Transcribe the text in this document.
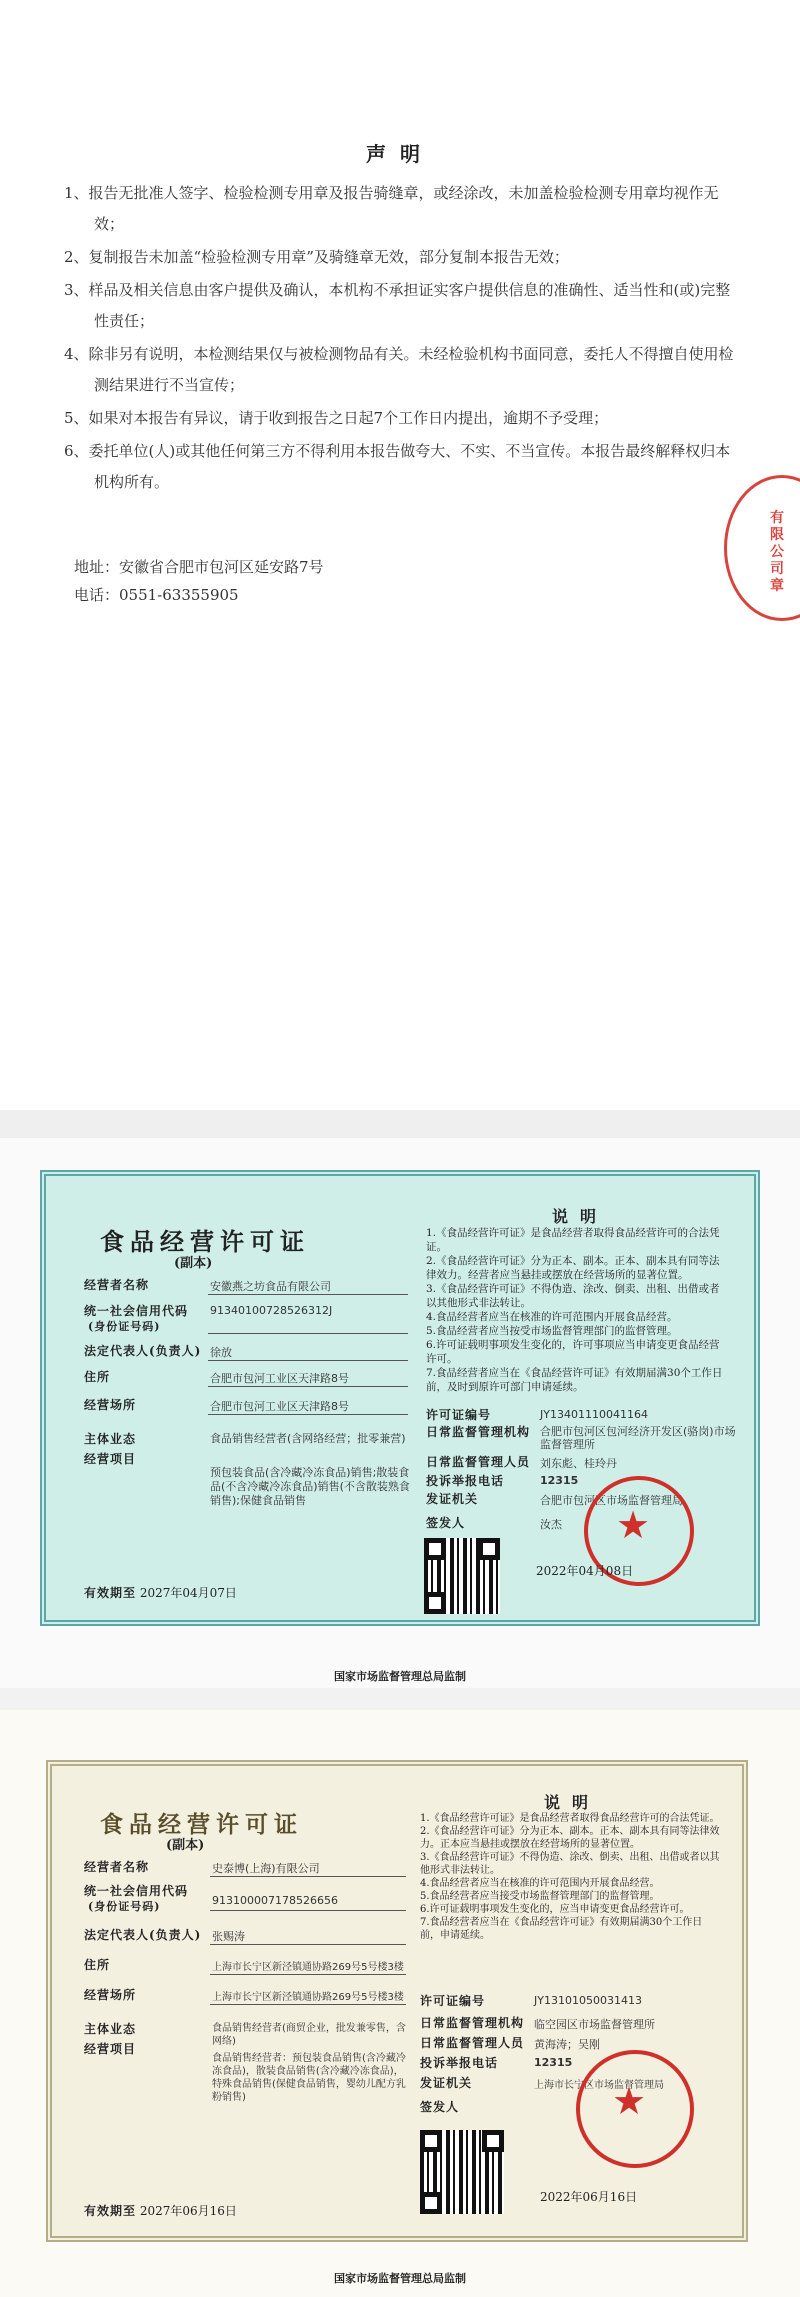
声明
1、报告无批准人签字、检验检测专用章及报告骑缝章，或经涂改，未加盖检验检测专用章均视作无效；
2、复制报告未加盖“检验检测专用章”及骑缝章无效，部分复制本报告无效；
3、样品及相关信息由客户提供及确认，本机构不承担证实客户提供信息的准确性、适当性和(或)完整性责任；
4、除非另有说明，本检测结果仅与被检测物品有关。未经检验机构书面同意，委托人不得擅自使用检测结果进行不当宣传；
5、如果对本报告有异议，请于收到报告之日起7个工作日内提出，逾期不予受理；
6、委托单位(人)或其他任何第三方不得利用本报告做夸大、不实、不当宣传。本报告最终解释权归本机构所有。
地址：安徽省合肥市包河区延安路7号
电话：0551-63355905
有限公司章
食品经营许可证
(副本)
经营者名称	安徽燕之坊食品有限公司
统一社会信用代码 91340100728526312J
(身份证号码)
法定代表人(负责人) 徐放
住所	合肥市包河工业区天津路8号
经营场所	合肥市包河工业区天津路8号
主体业态	食品销售经营者(含网络经营；批零兼营)
经营项目
预包装食品(含冷藏冷冻食品)销售;散装食品(不含冷藏冷冻食品)销售(不含散装熟食销售);保健食品销售
有效期至 2027年04月07日
说明
1.《食品经营许可证》是食品经营者取得食品经营许可的合法凭证。
2.《食品经营许可证》分为正本、副本。正本、副本具有同等法律效力。经营者应当悬挂或摆放在经营场所的显著位置。
3.《食品经营许可证》不得伪造、涂改、倒卖、出租、出借或者以其他形式非法转让。
4.食品经营者应当在核准的许可范围内开展食品经营。
5.食品经营者应当按受市场监督管理部门的监督管理。
6.许可证载明事项发生变化的，许可事项应当申请变更食品经营许可。
7.食品经营者应当在《食品经营许可证》有效期届满30个工作日前，及时到原许可部门申请延续。
许可证编号	JY13401110041164
日常监督管理机构 合肥市包河区包河经济开发区(骆岗)市场监督管理所
日常监督管理人员 刘东彪、桂玲丹
投诉举报电话	12315
发证机关	合肥市包河区市场监督管理局
签发人	汝杰 ★
2022年04月08日
国家市场监督管理总局监制
食品经营许可证
(副本)
经营者名称	史泰博(上海)有限公司
统一社会信用代码
913100007178526656
(身份证号码)
法定代表人(负责人) 张赐涛
住所	上海市长宁区新泾镇通协路269号5号楼3楼
经营场所	上海市长宁区新泾镇通协路269号5号楼3楼
主体业态	食品销售经营者(商贸企业，批发兼零售，含网络)
经营项目
食品销售经营者：预包装食品销售(含冷藏冷冻食品)，散装食品销售(含冷藏冷冻食品)，特殊食品销售(保健食品销售，婴幼儿配方乳粉销售)
有效期至 2027年06月16日
说明
1.《食品经营许可证》是食品经营者取得食品经营许可的合法凭证。
2.《食品经营许可证》分为正本、副本。正本、副本具有同等法律效力。正本应当悬挂或摆放在经营场所的显著位置。
3.《食品经营许可证》不得伪造、涂改、倒卖、出租、出借或者以其他形式非法转让。
4.食品经营者应当在核准的许可范围内开展食品经营。
5.食品经营者应当接受市场监督管理部门的监督管理。
6.许可证载明事项发生变化的，应当申请变更食品经营许可。
7.食品经营者应当在《食品经营许可证》有效期届满30个工作日前，申请延续。
许可证编号	JY13101050031413
日常监督管理机构 临空园区市场监督管理所
日常监督管理人员 黄海涛；吴刚
投诉举报电话	12315
发证机关	上海市长宁区市场监督管理局
签发人	★
2022年06月16日
国家市场监督管理总局监制
